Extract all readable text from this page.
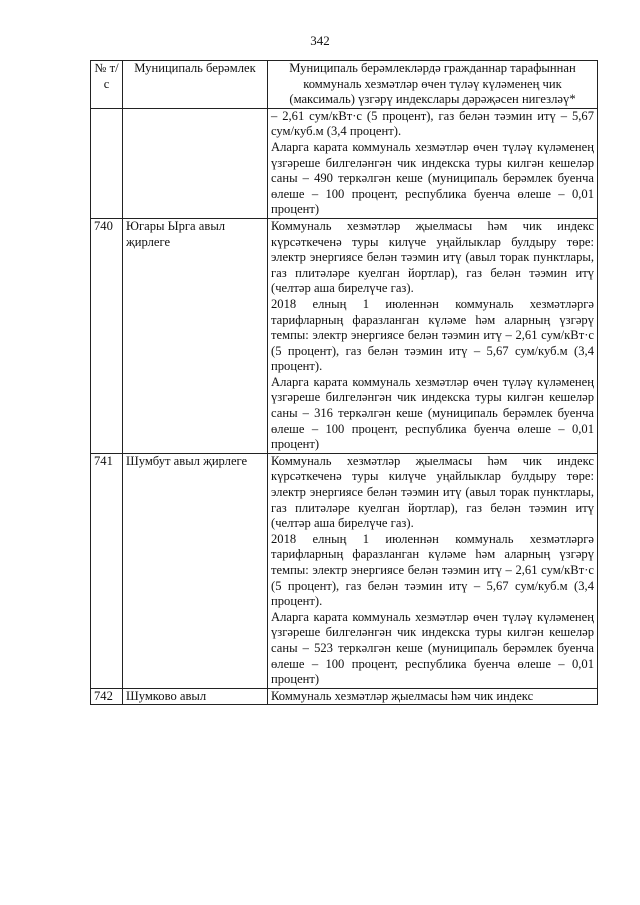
342
№ т/с	Муниципаль берәмлек	Муниципаль берәмлекләрдә гражданнар тарафыннан коммуналь хезмәтләр өчен түләү күләменең чик (максималь) үзгәрү индекслары дәрәҗәсен нигезләү*

		– 2,61 сум/кВт·с (5 процент), газ белән тәэмин итү – 5,67 сум/куб.м (3,4 процент).

Аларга карата коммуналь хезмәтләр өчен түләү күләменең үзгәреше билгеләнгән чик индекска туры килгән кешеләр саны – 490 теркәлгән кеше (муниципаль берәмлек буенча өлеше – 100 процент, республика буенча өлеше – 0,01 процент)

740	Югары Ырга авыл җирлеге	Коммуналь хезмәтләр җыелмасы һәм чик индекс күрсәткеченә туры килүче уңайлыклар булдыру төре: электр энергиясе белән тәэмин итү (авыл торак пунктлары, газ плитәләре куелган йортлар), газ белән тәэмин итү (челтәр аша бирелүче газ).

2018 елның 1 июленнән коммуналь хезмәтләргә тарифларның фаразланган күләме һәм аларның үзгәрү темпы: электр энергиясе белән тәэмин итү – 2,61 сум/кВт·с (5 процент), газ белән тәэмин итү – 5,67 сум/куб.м (3,4 процент).

Аларга карата коммуналь хезмәтләр өчен түләү күләменең үзгәреше билгеләнгән чик индекска туры килгән кешеләр саны – 316 теркәлгән кеше (муниципаль берәмлек буенча өлеше – 100 процент, республика буенча өлеше – 0,01 процент)

741	Шумбут авыл җирлеге	Коммуналь хезмәтләр җыелмасы һәм чик индекс күрсәткеченә туры килүче уңайлыклар булдыру төре: электр энергиясе белән тәэмин итү (авыл торак пунктлары, газ плитәләре куелган йортлар), газ белән тәэмин итү (челтәр аша бирелүче газ).

2018 елның 1 июленнән коммуналь хезмәтләргә тарифларның фаразланган күләме һәм аларның үзгәрү темпы: электр энергиясе белән тәэмин итү – 2,61 сум/кВт·с (5 процент), газ белән тәэмин итү – 5,67 сум/куб.м (3,4 процент).

Аларга карата коммуналь хезмәтләр өчен түләү күләменең үзгәреше билгеләнгән чик индекска туры килгән кешеләр саны – 523 теркәлгән кеше (муниципаль берәмлек буенча өлеше – 100 процент, республика буенча өлеше – 0,01 процент)

742	Шумково авыл	Коммуналь хезмәтләр җыелмасы һәм чик индекс
